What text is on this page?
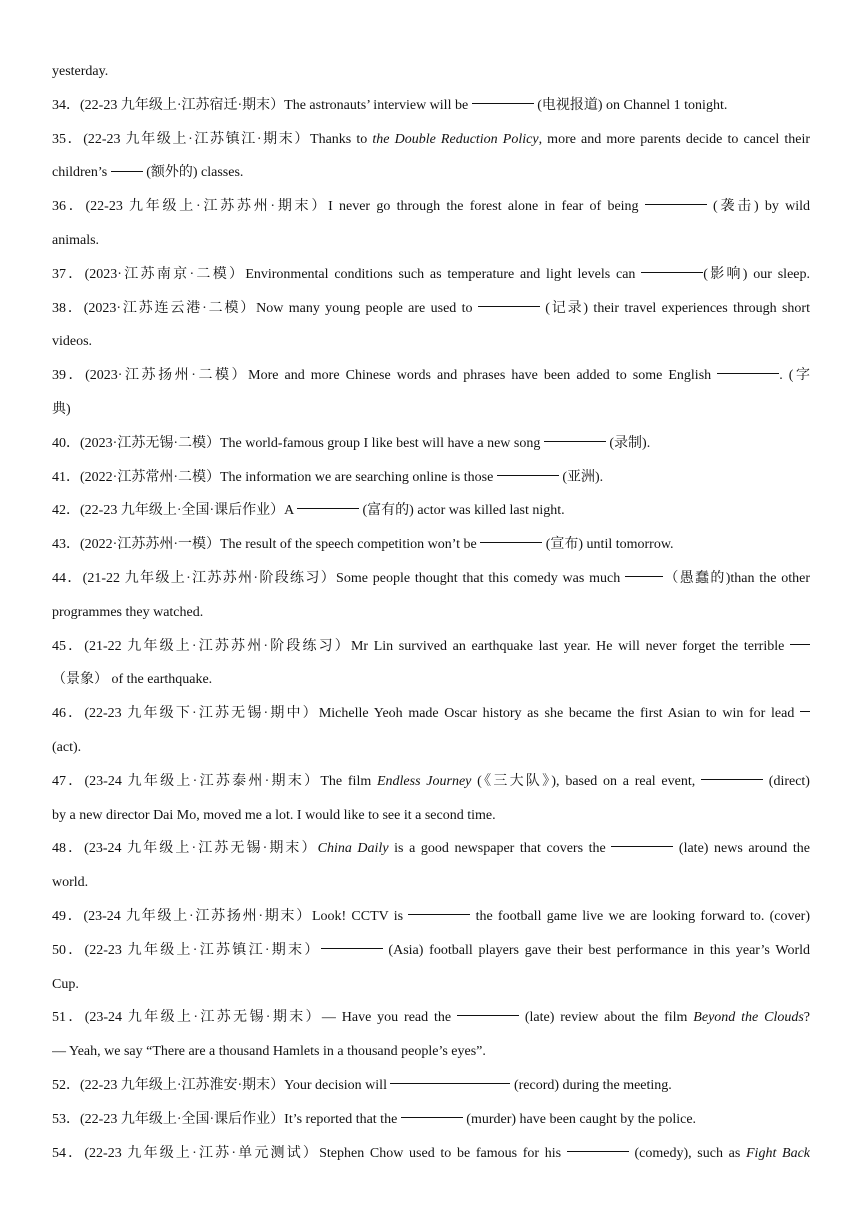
yesterday.
34．(22-23 九年级上·江苏宿迁·期末）The astronauts’ interview will be	(电视报道) on Channel 1 tonight.
35．(22-23 九年级上·江苏镇江·期末）Thanks to the Double Reduction Policy, more and more parents decide to cancel their
children’s  (额外的) classes.
36．(22-23 九年级上·江苏苏州·期末）I never go through the forest alone in fear of being	(袭击) by wild
animals.
37．(2023·江苏南京·二模）Environmental conditions such as temperature and light levels can	(影响) our sleep.
38．(2023·江苏连云港·二模）Now many young people are used to	(记录) their travel experiences through short
videos.
39．(2023·江苏扬州·二模）More and more Chinese words and phrases have been added to some English	. (字
典)
40．(2023·江苏无锡·二模）The world-famous group I like best will have a new song	(录制).
41．(2022·江苏常州·二模）The information we are searching online is those	(亚洲).
42．(22-23 九年级上·全国·课后作业）A	(富有的) actor was killed last night.
43．(2022·江苏苏州·一模）The result of the speech competition won’t be	(宣布) until tomorrow.
44．(21-22 九年级上·江苏苏州·阶段练习）Some people thought that this comedy was much	（愚蠢的)than the other
programmes they watched.
45．(21-22 九年级上·江苏苏州·阶段练习）Mr Lin survived an earthquake last year. He will never forget the terrible
（景象） of the earthquake.
46．(22-23 九年级下·江苏无锡·期中）Michelle Yeoh made Oscar history as she became the first Asian to win for lead
(act).
47．(23-24 九年级上·江苏泰州·期末）The film Endless Journey (《三大队》), based on a real event,	(direct)
by a new director Dai Mo, moved me a lot. I would like to see it a second time.
48．(23-24 九年级上·江苏无锡·期末）China Daily is a good newspaper that covers the	(late) news around the
world.
49．(23-24 九年级上·江苏扬州·期末）Look! CCTV is	the football game live we are looking forward to. (cover)
50．(22-23 九年级上·江苏镇江·期末）	(Asia) football players gave their best performance in this year’s World
Cup.
51．(23-24 九年级上·江苏无锡·期末）— Have you read the	(late) review about the film Beyond the Clouds?
— Yeah, we say “There are a thousand Hamlets in a thousand people’s eyes”.
52．(22-23 九年级上·江苏淮安·期末）Your decision will	(record) during the meeting.
53．(22-23 九年级上·全国·课后作业）It’s reported that the	(murder) have been caught by the police.
54．(22-23 九年级上·江苏·单元测试）Stephen Chow used to be famous for his	(comedy), such as Fight Back
